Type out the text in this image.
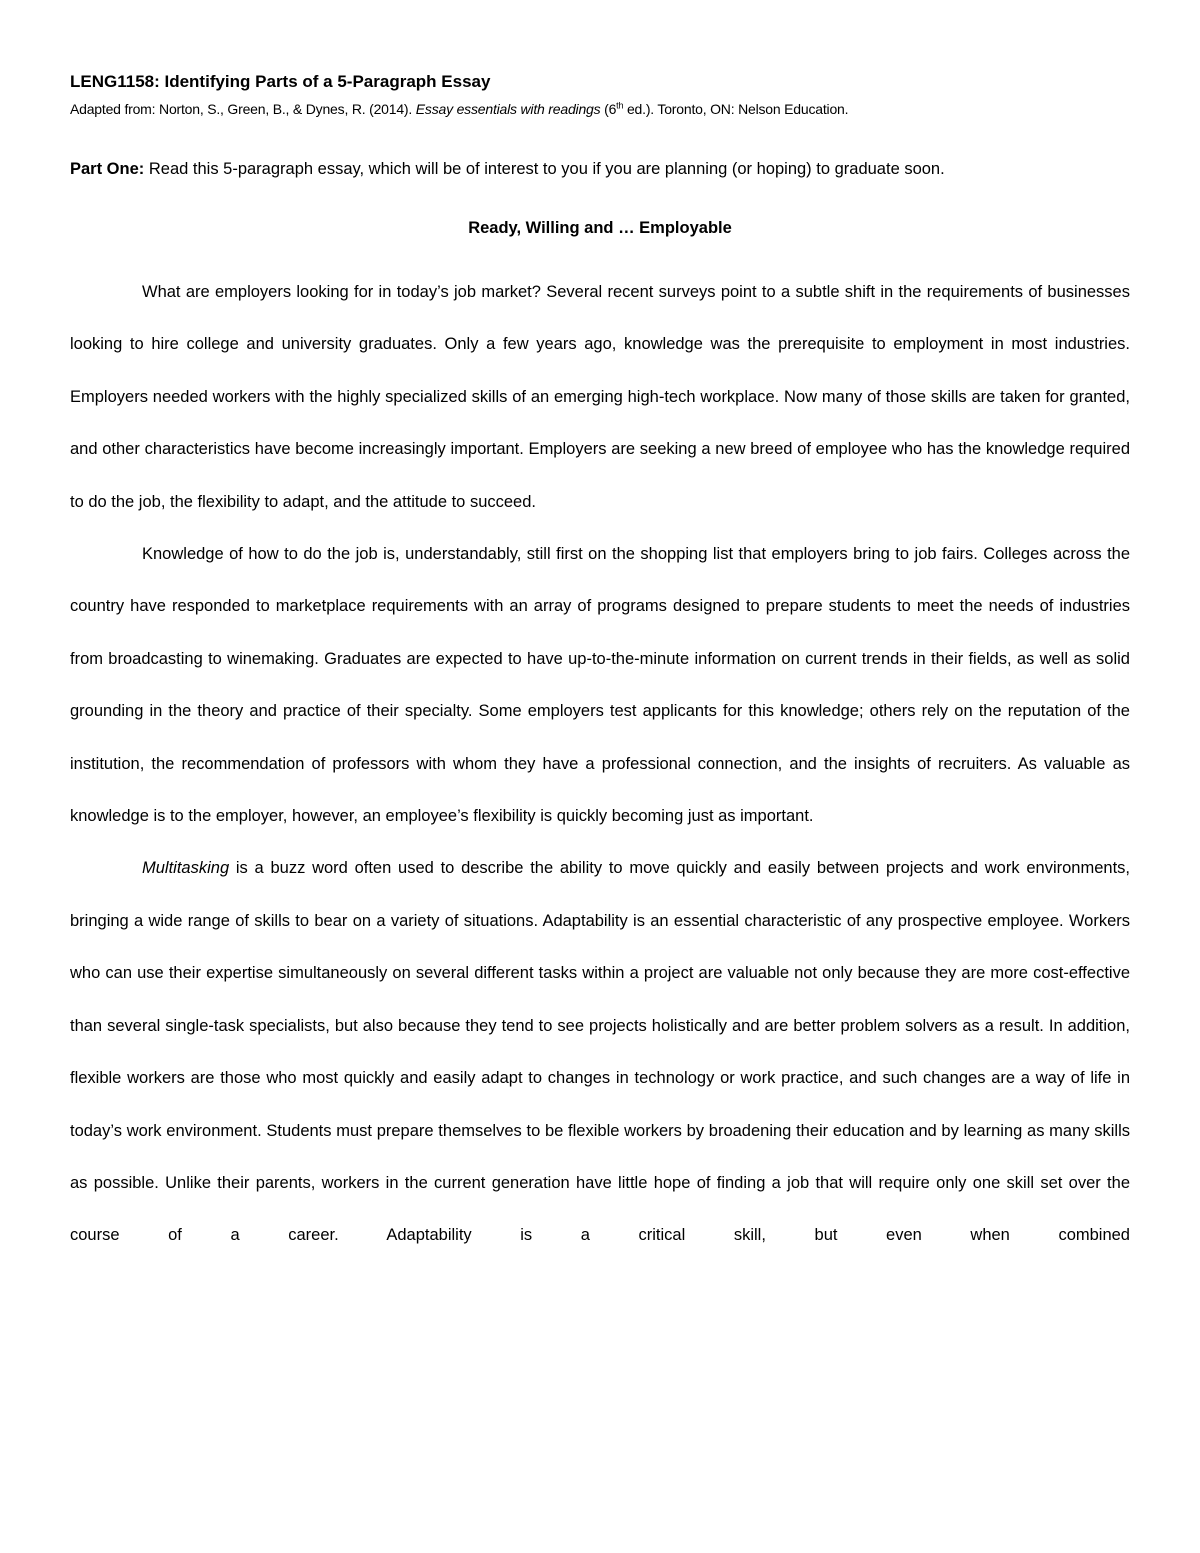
LENG1158: Identifying Parts of a 5-Paragraph Essay
Adapted from: Norton, S., Green, B., & Dynes, R. (2014). Essay essentials with readings (6th ed.). Toronto, ON: Nelson Education.
Part One: Read this 5-paragraph essay, which will be of interest to you if you are planning (or hoping) to graduate soon.
Ready, Willing and … Employable

What are employers looking for in today’s job market? Several recent surveys point to a subtle shift in the requirements of businesses looking to hire college and university graduates. Only a few years ago, knowledge was the prerequisite to employment in most industries. Employers needed workers with the highly specialized skills of an emerging high-tech workplace. Now many of those skills are taken for granted, and other characteristics have become increasingly important. Employers are seeking a new breed of employee who has the knowledge required to do the job, the flexibility to adapt, and the attitude to succeed.

Knowledge of how to do the job is, understandably, still first on the shopping list that employers bring to job fairs. Colleges across the country have responded to marketplace requirements with an array of programs designed to prepare students to meet the needs of industries from broadcasting to winemaking. Graduates are expected to have up-to-the-minute information on current trends in their fields, as well as solid grounding in the theory and practice of their specialty. Some employers test applicants for this knowledge; others rely on the reputation of the institution, the recommendation of professors with whom they have a professional connection, and the insights of recruiters. As valuable as knowledge is to the employer, however, an employee’s flexibility is quickly becoming just as important.

Multitasking is a buzz word often used to describe the ability to move quickly and easily between projects and work environments, bringing a wide range of skills to bear on a variety of situations. Adaptability is an essential characteristic of any prospective employee. Workers who can use their expertise simultaneously on several different tasks within a project are valuable not only because they are more cost-effective than several single-task specialists, but also because they tend to see projects holistically and are better problem solvers as a result. In addition, flexible workers are those who most quickly and easily adapt to changes in technology or work practice, and such changes are a way of life in today’s work environment. Students must prepare themselves to be flexible workers by broadening their education and by learning as many skills as possible. Unlike their parents, workers in the current generation have little hope of finding a job that will require only one skill set over the course of a career. Adaptability is a critical skill, but even when combined
